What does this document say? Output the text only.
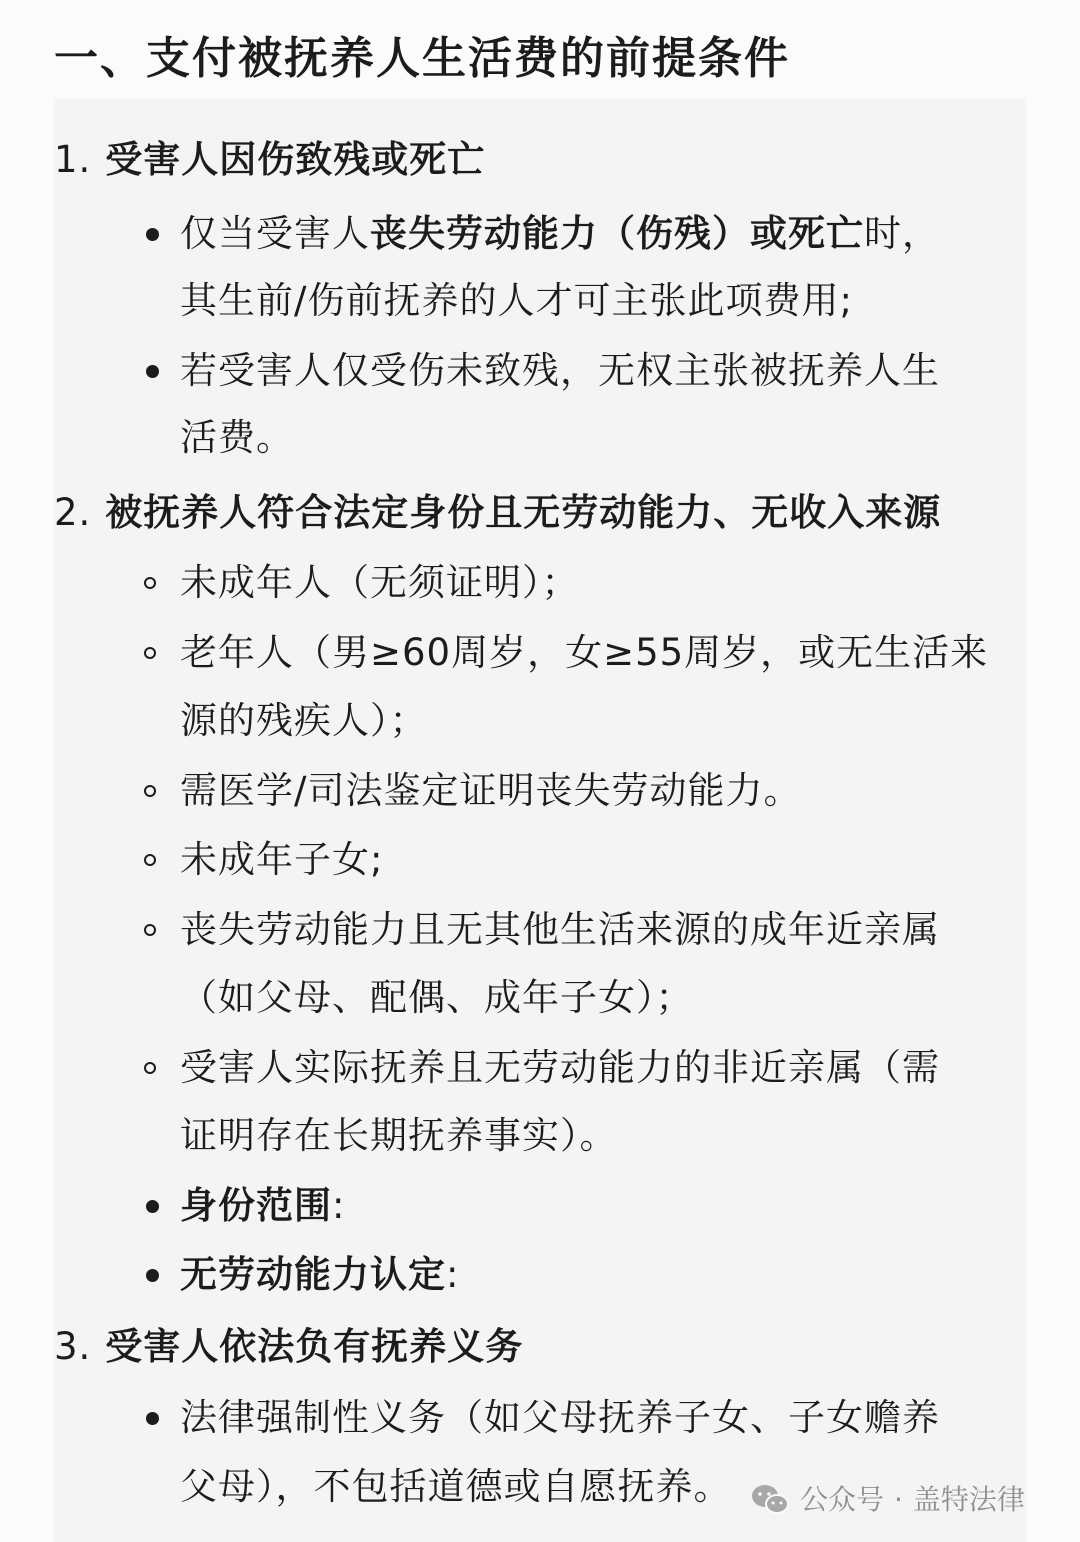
一、支付被抚养人生活费的前提条件
1. 受害人因伤致残或死亡
仅当受害人丧失劳动能力（伤残）或死亡时，
其生前/伤前抚养的人才可主张此项费用;
若受害人仅受伤未致残，无权主张被抚养人生
活费。
2. 被抚养人符合法定身份且无劳动能力、无收入来源
未成年人（无须证明）；
老年人（男≥60周岁，女≥55周岁，或无生活来
源的残疾人）；
需医学/司法鉴定证明丧失劳动能力。
未成年子女;
丧失劳动能力且无其他生活来源的成年近亲属
（如父母、配偶、成年子女）；
受害人实际抚养且无劳动能力的非近亲属（需
证明存在长期抚养事实）。
身份范围:
无劳动能力认定:
3. 受害人依法负有抚养义务
法律强制性义务（如父母抚养子女、子女赡养
父母），不包括道德或自愿抚养。 公众号 · 盖特法律
